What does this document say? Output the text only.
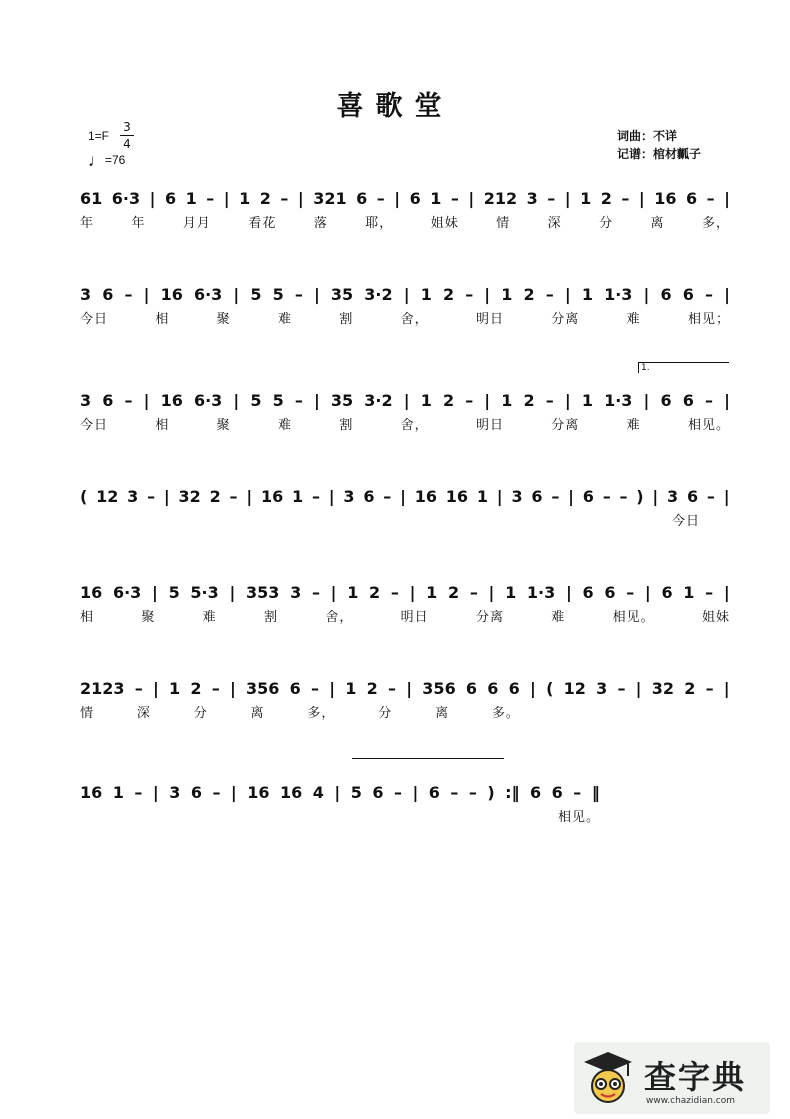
喜歌堂
1=F
3
4
♩=76
词曲：不详
记谱：棺材瓤子
61 6·3 | 6 1 – | 1 2 – | 321 6 – | 6 1 – | 212 3 – | 1 2 – | 16 6 – |
年	年	月月	看花	落	耶，	姐妹	情	深	分	离	多，
3 6 – | 16 6·3 | 5 5 – | 35 3·2 | 1 2 – | 1 2 – | 1 1·3 | 6 6 – |
今日	相	聚	难	割	舍，	明日	分离	难	相见；
1.
3 6 – | 16 6·3 | 5 5 – | 35 3·2 | 1 2 – | 1 2 – | 1 1·3 | 6 6 – |
今日	相	聚	难	割	舍，	明日	分离	难	相见。
( 12 3 – | 32 2 – | 16 1 – | 3 6 – | 16 16 1 | 3 6 – | 6 – – ) | 3 6 – |
今日
16 6·3 | 5 5·3 | 353 3 – | 1 2 – | 1 2 – | 1 1·3 | 6 6 – | 6 1 – |
相	聚	难	割	舍，	明日	分离	难	相见。	姐妹
2123 – | 1 2 – | 356 6 – | 1 2 – | 356 6 6 6 | ( 12 3 – | 32 2 – |
情	深	分	离	多，	分	离	多。
16 1 – | 3 6 – | 16 16 4 | 5 6 – | 6 – – ) :‖ 6 6 – ‖
相见。
查字典
www.chazidian.com
